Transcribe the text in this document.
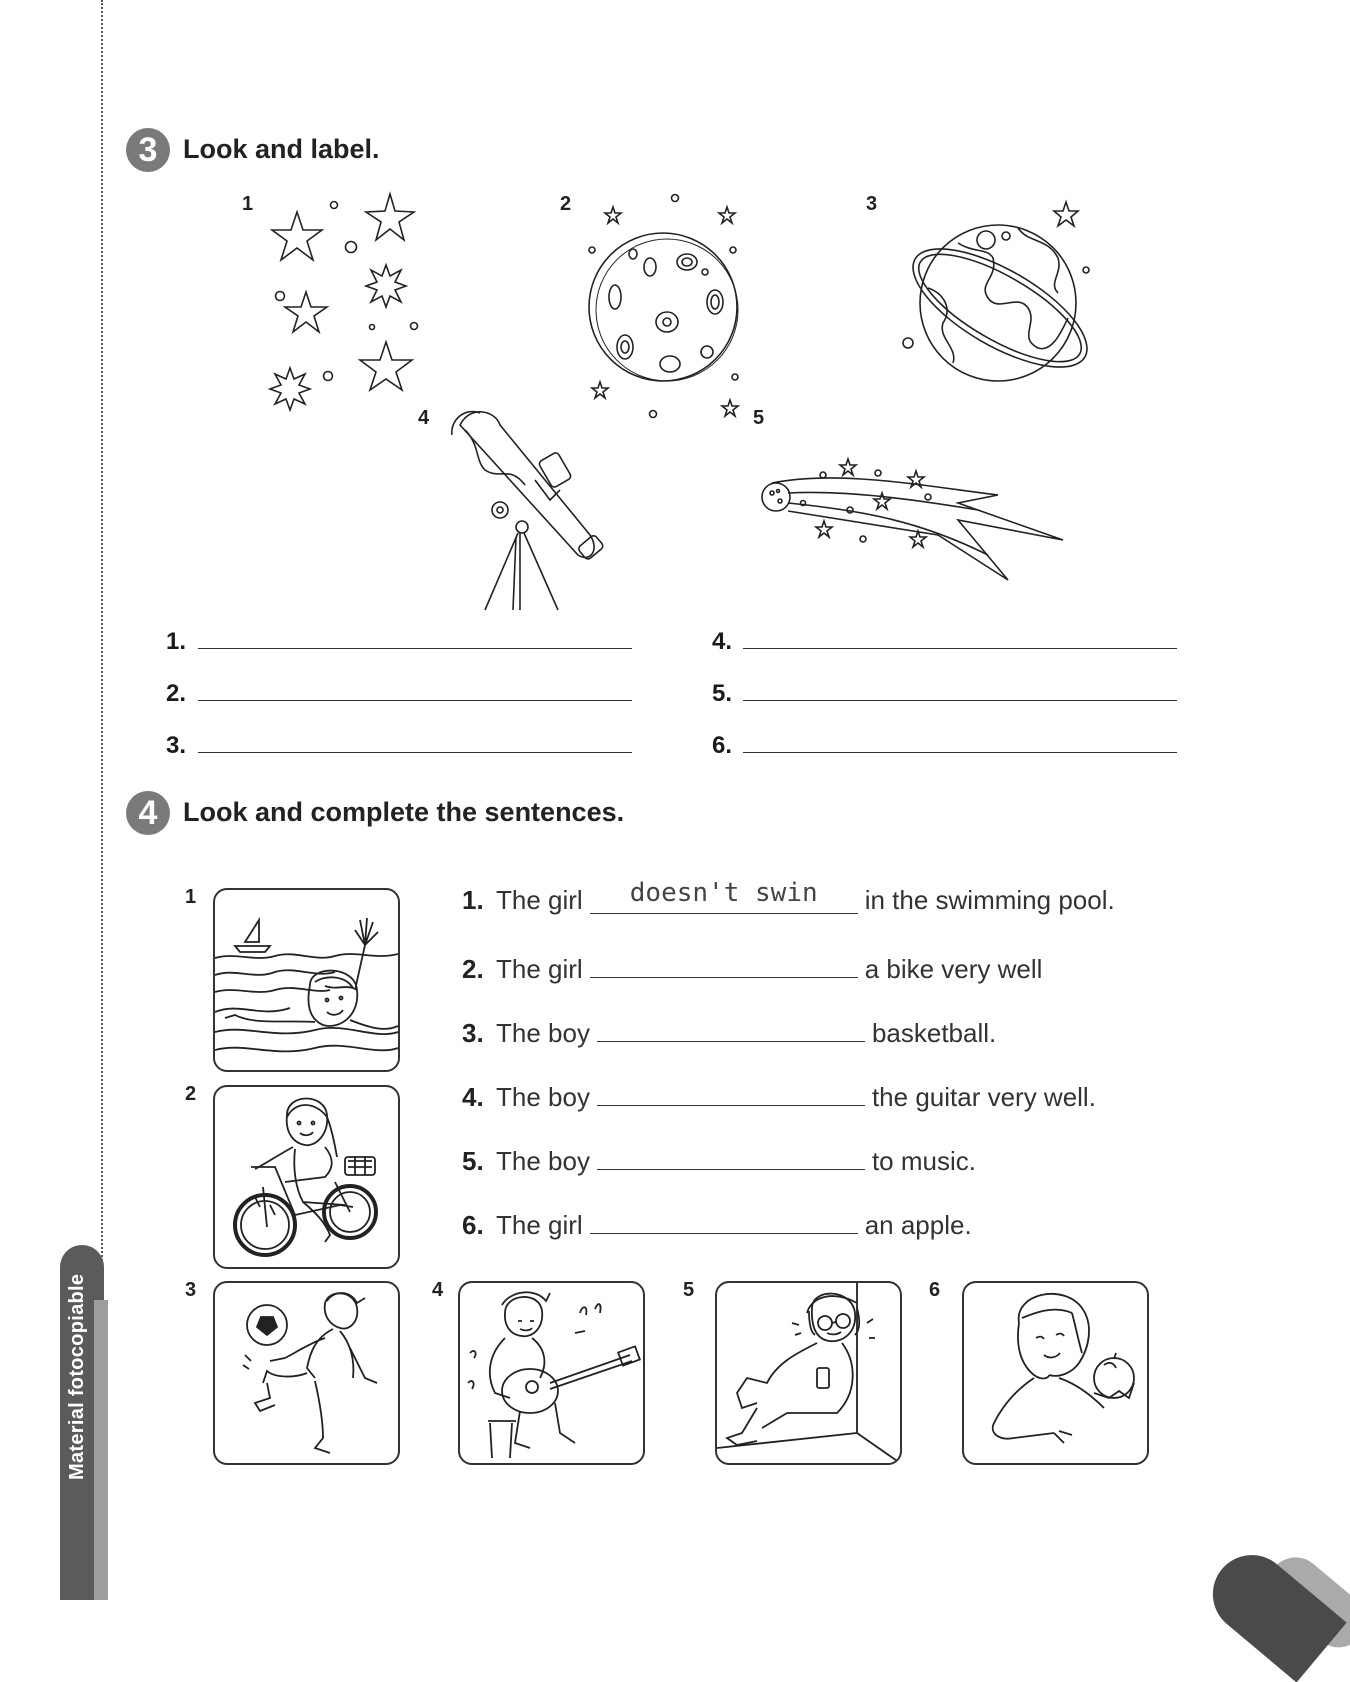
Material fotocopiable
3 Look and label.
1	2	3
4	5
1.
2.
3.
4.
5.
6.
4 Look and complete the sentences.
1
2
3	4	5	6
1. The girl doesn't swin in the swimming pool.
2. The girl	a bike very well
3. The boy	basketball.
4. The boy	the guitar very well.
5. The boy	to music.
6. The girl	an apple.
239
